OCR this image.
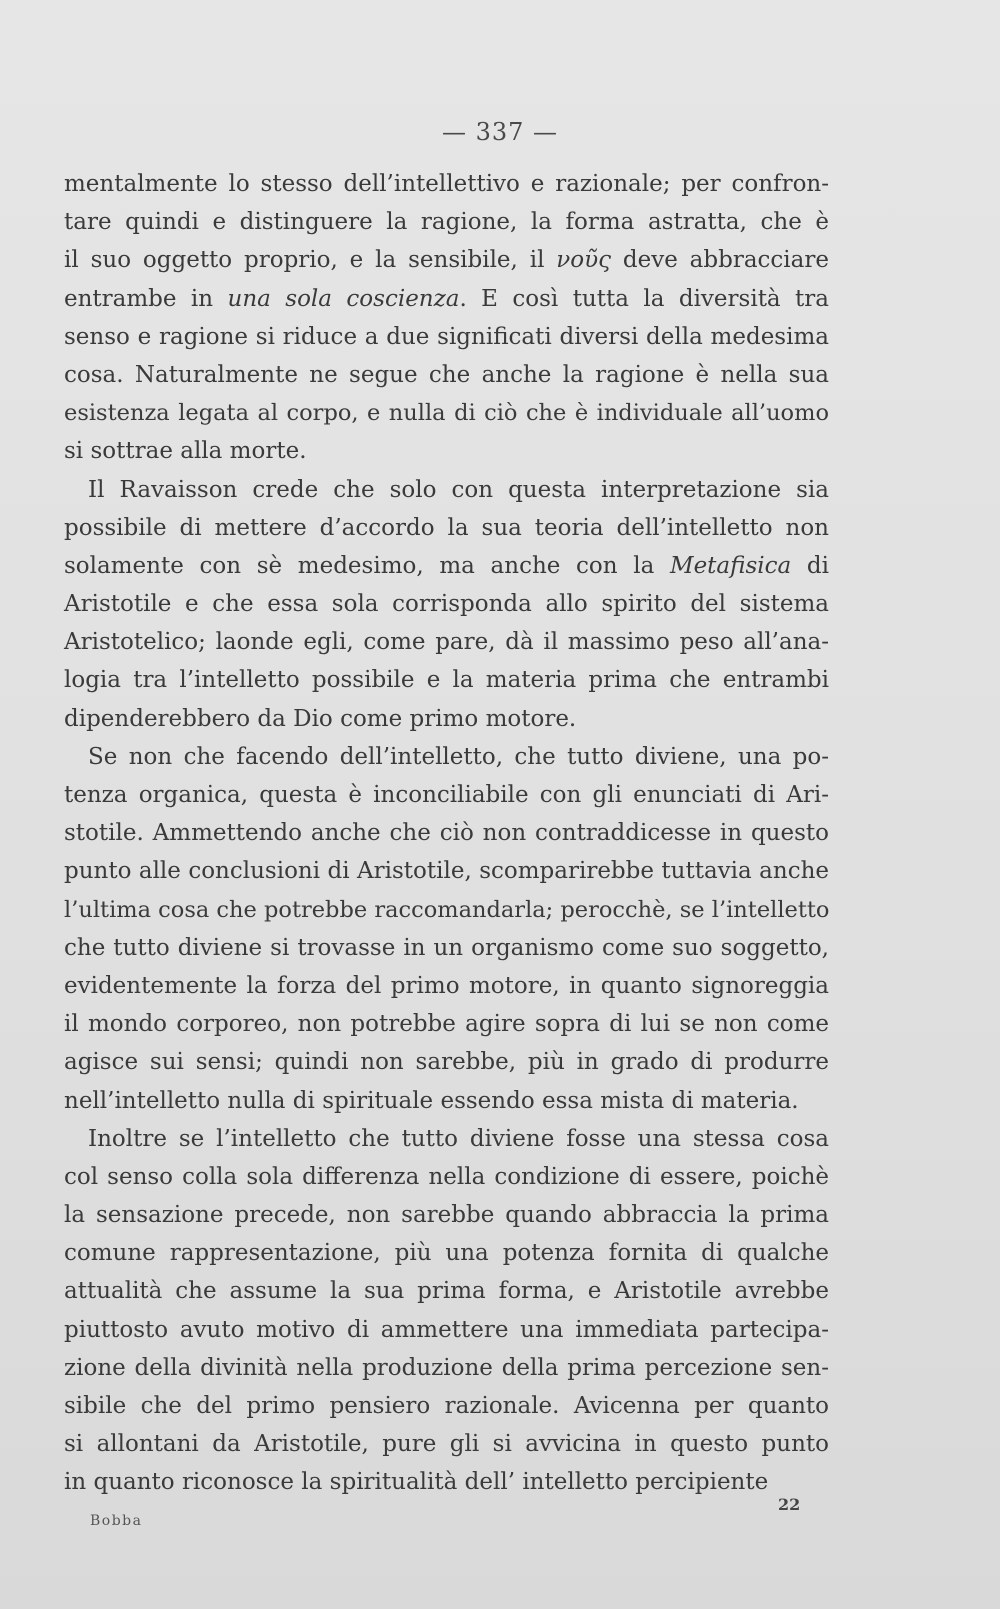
— 337 —
mentalmente lo stesso dell’intellettivo e razionale; per confron-
tare quindi e distinguere la ragione, la forma astratta, che è
il suo oggetto proprio, e la sensibile, il νοῦς deve abbracciare
entrambe in una sola coscienza. E così tutta la diversità tra
senso e ragione si riduce a due significati diversi della medesima
cosa. Naturalmente ne segue che anche la ragione è nella sua
esistenza legata al corpo, e nulla di ciò che è individuale all’uomo
si sottrae alla morte.
Il Ravaisson crede che solo con questa interpretazione sia
possibile di mettere d’accordo la sua teoria dell’intelletto non
solamente con sè medesimo, ma anche con la Metafisica di
Aristotile e che essa sola corrisponda allo spirito del sistema
Aristotelico; laonde egli, come pare, dà il massimo peso all’ana-
logia tra l’intelletto possibile e la materia prima che entrambi
dipenderebbero da Dio come primo motore.
Se non che facendo dell’intelletto, che tutto diviene, una po-
tenza organica, questa è inconciliabile con gli enunciati di Ari-
stotile. Ammettendo anche che ciò non contraddicesse in questo
punto alle conclusioni di Aristotile, scomparirebbe tuttavia anche
l’ultima cosa che potrebbe raccomandarla; perocchè, se l’intelletto
che tutto diviene si trovasse in un organismo come suo soggetto,
evidentemente la forza del primo motore, in quanto signoreggia
il mondo corporeo, non potrebbe agire sopra di lui se non come
agisce sui sensi; quindi non sarebbe, più in grado di produrre
nell’intelletto nulla di spirituale essendo essa mista di materia.
Inoltre se l’intelletto che tutto diviene fosse una stessa cosa
col senso colla sola differenza nella condizione di essere, poichè
la sensazione precede, non sarebbe quando abbraccia la prima
comune rappresentazione, più una potenza fornita di qualche
attualità che assume la sua prima forma, e Aristotile avrebbe
piuttosto avuto motivo di ammettere una immediata partecipa-
zione della divinità nella produzione della prima percezione sen-
sibile che del primo pensiero razionale. Avicenna per quanto
si allontani da Aristotile, pure gli si avvicina in questo punto
in quanto riconosce la spiritualità dell’ intelletto percipiente
Bobba
22
